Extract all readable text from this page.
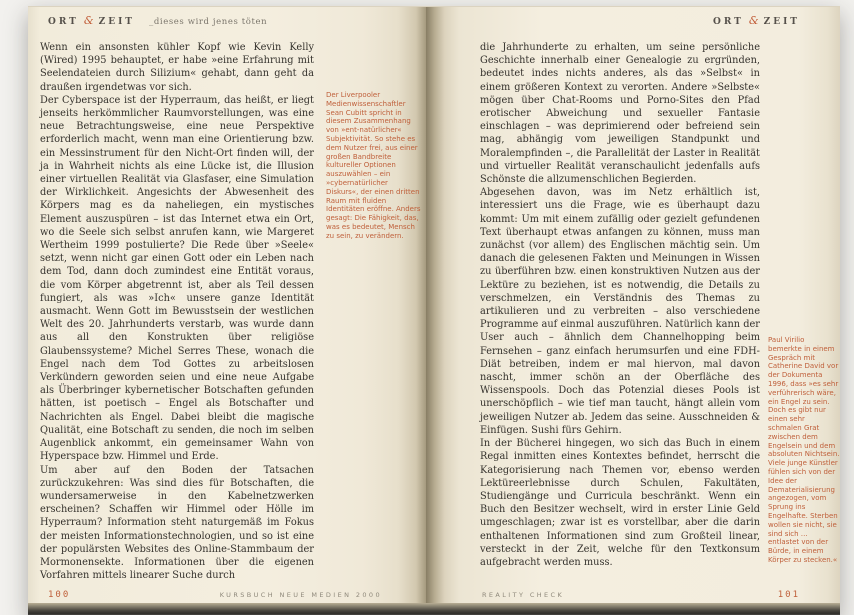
ORT & ZEIT _dieses wird jenes töten

Wenn ein ansonsten kühler Kopf wie Kevin Kelly (Wired) 1995 behauptet, er habe »eine Erfahrung mit Seelendateien durch Silizium« gehabt, dann geht da draußen irgendetwas vor sich.

Der Cyberspace ist der Hyperraum, das heißt, er liegt jenseits herkömmlicher Raumvorstellungen, was eine neue Betrachtungsweise, eine neue Perspektive erforderlich macht, wenn man eine Orientierung bzw. ein Messinstrument für den Nicht-Ort finden will, der ja in Wahrheit nichts als eine Lücke ist, die Illusion einer virtuellen Realität via Glasfaser, eine Simulation der Wirklichkeit. Angesichts der Abwesenheit des Körpers mag es da naheliegen, ein mystisches Element auszuspüren – ist das Internet etwa ein Ort, wo die Seele sich selbst anrufen kann, wie Margeret Wertheim 1999 postulierte? Die Rede über »Seele« setzt, wenn nicht gar einen Gott oder ein Leben nach dem Tod, dann doch zumindest eine Entität voraus, die vom Körper abgetrennt ist, aber als Teil dessen fungiert, als was »Ich« unsere ganze Identität ausmacht. Wenn Gott im Bewusstsein der westlichen Welt des 20. Jahrhunderts verstarb, was wurde dann aus all den Konstrukten über religiöse Glaubenssysteme? Michel Serres These, wonach die Engel nach dem Tod Gottes zu arbeitslosen Verkündern geworden seien und eine neue Aufgabe als Überbringer kybernetischer Botschaften gefunden hätten, ist poetisch – Engel als Botschafter und Nachrichten als Engel. Dabei bleibt die magische Qualität, eine Botschaft zu senden, die noch im selben Augenblick ankommt, ein gemeinsamer Wahn von Hyperspace bzw. Himmel und Erde.

Um aber auf den Boden der Tatsachen zurückzukehren: Was sind dies für Botschaften, die wundersamerweise in den Kabelnetzwerken erscheinen? Schaffen wir Himmel oder Hölle im Hyperraum? Information steht naturgemäß im Fokus der meisten Informationstechnologien, und so ist eine der populärsten Websites des Online-Stammbaum der Mormonensekte. Informationen über die eigenen Vorfahren mittels linearer Suche durch

Der Liverpooler Medienwissenschaftler Sean Cubitt spricht in diesem Zusammenhang von »ent-natürlicher« Subjektivität. So stehe es dem Nutzer frei, aus einer großen Bandbreite kultureller Optionen auszuwählen – ein »cybernatürlicher Diskurs«, der einen dritten Raum mit fluiden Identitäten eröffne. Anders gesagt: Die Fähigkeit, das, was es bedeutet, Mensch zu sein, zu verändern.
100	KURSBUCH NEUE MEDIEN 2000
ORT & ZEIT

die Jahrhunderte zu erhalten, um seine persönliche Geschichte innerhalb einer Genealogie zu ergründen, bedeutet indes nichts anderes, als das »Selbst« in einem größeren Kontext zu verorten. Andere »Selbste« mögen über Chat-Rooms und Porno-Sites den Pfad erotischer Abweichung und sexueller Fantasie einschlagen – was deprimierend oder befreiend sein mag, abhängig vom jeweiligen Standpunkt und Moralempfinden –, die Parallelität der Laster in Realität und virtueller Realität veranschaulicht jedenfalls aufs Schönste die allzumenschlichen Begierden.

Abgesehen davon, was im Netz erhältlich ist, interessiert uns die Frage, wie es überhaupt dazu kommt: Um mit einem zufällig oder gezielt gefundenen Text überhaupt etwas anfangen zu können, muss man zunächst (vor allem) des Englischen mächtig sein. Um danach die gelesenen Fakten und Meinungen in Wissen zu überführen bzw. einen konstruktiven Nutzen aus der Lektüre zu beziehen, ist es notwendig, die Details zu verschmelzen, ein Verständnis des Themas zu artikulieren und zu verbreiten – also verschiedene Programme auf einmal auszuführen. Natürlich kann der User auch – ähnlich dem Channelhopping beim Fernsehen – ganz einfach herumsurfen und eine FDH-Diät betreiben, indem er mal hiervon, mal davon nascht, immer schön an der Oberfläche des Wissenspools. Doch das Potenzial dieses Pools ist unerschöpflich – wie tief man taucht, hängt allein vom jeweiligen Nutzer ab. Jedem das seine. Ausschneiden & Einfügen. Sushi fürs Gehirn.

In der Bücherei hingegen, wo sich das Buch in einem Regal inmitten eines Kontextes befindet, herrscht die Kategorisierung nach Themen vor, ebenso werden Lektüreerlebnisse durch Schulen, Fakultäten, Studiengänge und Curricula beschränkt. Wenn ein Buch den Besitzer wechselt, wird in erster Linie Geld umgeschlagen; zwar ist es vorstellbar, aber die darin enthaltenen Informationen sind zum Großteil linear, versteckt in der Zeit, welche für den Textkonsum aufgebracht werden muss.

Paul Virilio bemerkte in einem Gespräch mit Catherine David vor der Dokumenta 1996, dass »es sehr verführerisch wäre, ein Engel zu sein. Doch es gibt nur einen sehr schmalen Grat zwischen dem Engelsein und dem absoluten Nichtsein. Viele junge Künstler fühlen sich von der Idee der Dematerialisierung angezogen, vom Sprung ins Engelhafte. Sterben wollen sie nicht, sie sind sich … entlastet von der Bürde, in einem Körper zu stecken.«
REALITY CHECK	101
